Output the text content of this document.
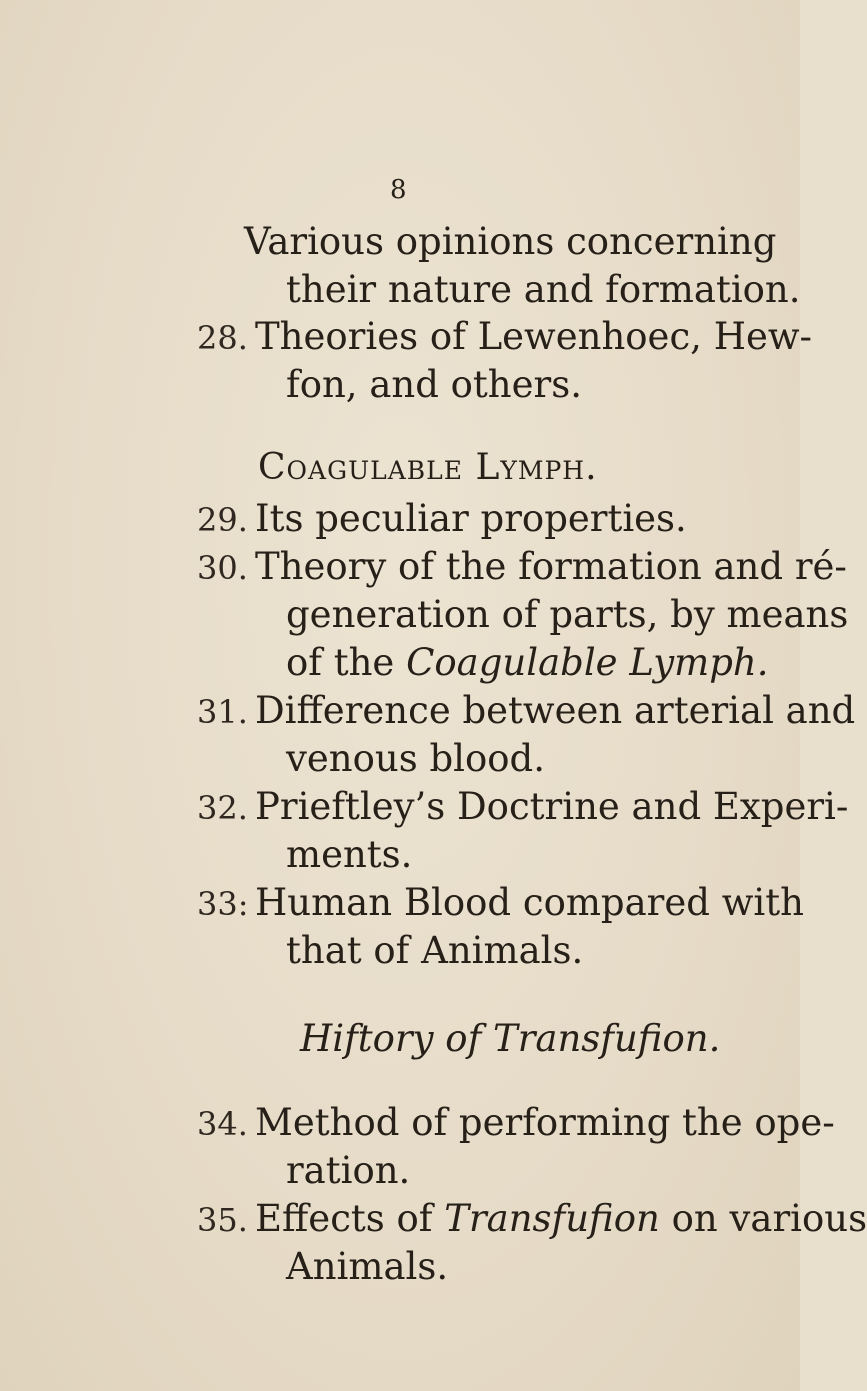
8
Various opinions concerning
their nature and formation.
28. Theories of Lewenhoec, Hew-
fon, and others.
Coagulable Lymph.
29. Its peculiar properties.
30. Theory of the formation and ré-
generation of parts, by means
of the Coagulable Lymph.
31. Difference between arterial and
venous blood.
32. Prieftley’s Doctrine and Experi-
ments.
33: Human Blood compared with
that of Animals.
Hiftory of Transfufion.
34. Method of performing the ope-
ration.
35. Effects of Transfufion on various
Animals.
